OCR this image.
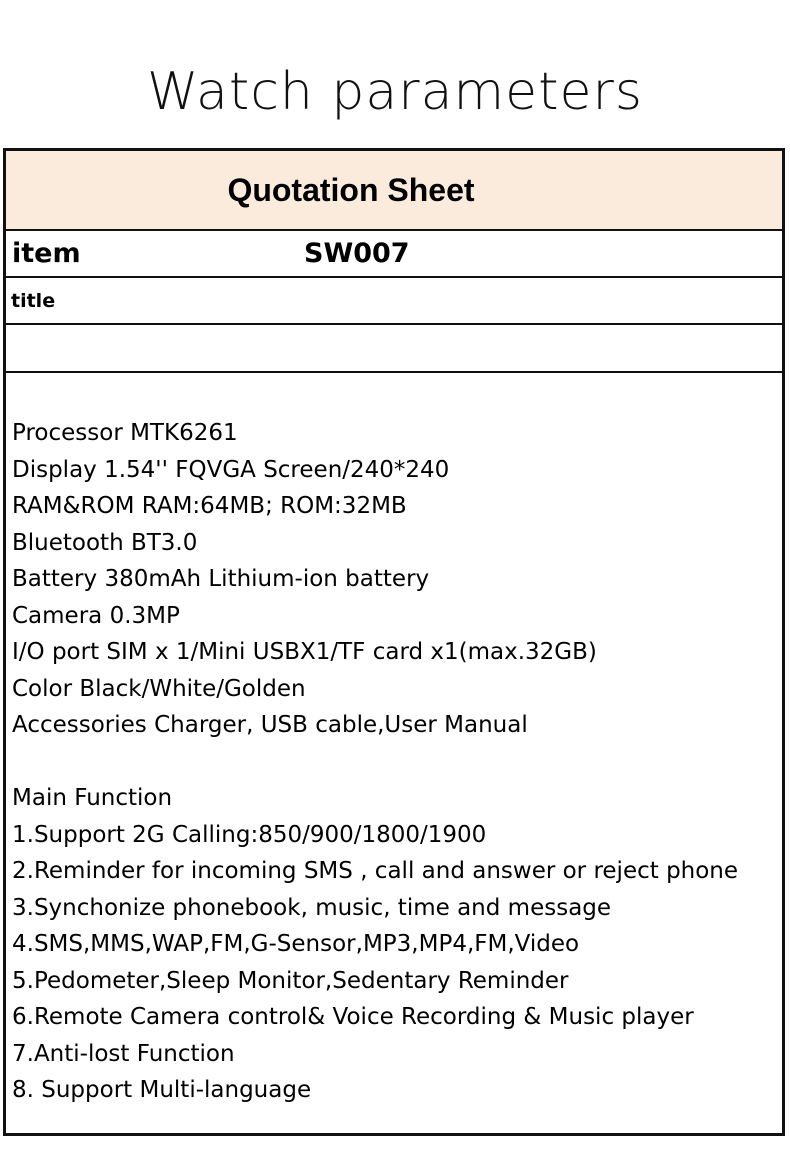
Watch parameters
Quotation Sheet
item	SW007
title
Processor MTK6261
Display 1.54'' FQVGA Screen/240*240
RAM&ROM RAM:64MB; ROM:32MB
Bluetooth BT3.0
Battery 380mAh Lithium-ion battery
Camera 0.3MP
I/O port SIM x 1/Mini USBX1/TF card x1(max.32GB)
Color Black/White/Golden
Accessories Charger, USB cable,User Manual
Main Function
1.Support 2G Calling:850/900/1800/1900
2.Reminder for incoming SMS , call and answer or reject phone
3.Synchonize phonebook, music, time and message
4.SMS,MMS,WAP,FM,G-Sensor,MP3,MP4,FM,Video
5.Pedometer,Sleep Monitor,Sedentary Reminder
6.Remote Camera control& Voice Recording & Music player
7.Anti-lost Function
8. Support Multi-language
